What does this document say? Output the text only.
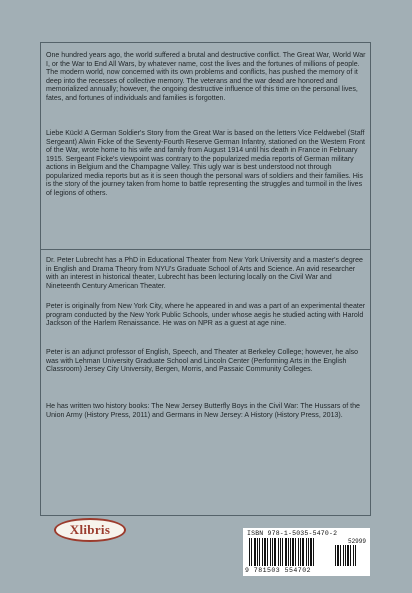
One hundred years ago, the world suffered a brutal and destructive conflict. The Great War, World War I, or the War to End All Wars, by whatever name, cost the lives and the fortunes of millions of people. The modern world, now concerned with its own problems and conflicts, has pushed the memory of it deep into the recesses of collective memory. The veterans and the war dead are honored and memorialized annually; however, the ongoing destructive influence of this time on the personal lives, fates, and fortunes of individuals and families is forgotten.

Liebe Kück! A German Soldier's Story from the Great War is based on the letters Vice Feldwebel (Staff Sergeant) Alwin Ficke of the Seventy-Fourth Reserve German Infantry, stationed on the Western Front of the War, wrote home to his wife and family from August 1914 until his death in France in February 1915. Sergeant Ficke's viewpoint was contrary to the popularized media reports of German military actions in Belgium and the Champagne Valley. This ugly war is best understood not through popularized media reports but as it is seen though the personal wars of soldiers and their families. His is the story of the journey taken from home to battle representing the struggles and turmoil in the lives of legions of others.

Dr. Peter Lubrecht has a PhD in Educational Theater from New York University and a master's degree in English and Drama Theory from NYU's Graduate School of Arts and Science. An avid researcher with an interest in historical theater, Lubrecht has been lecturing locally on the Civil War and Nineteenth Century American Theater.

Peter is originally from New York City, where he appeared in and was a part of an experimental theater program conducted by the New York Public Schools, under whose aegis he studied acting with Harold Jackson of the Harlem Renaissance. He was on NPR as a guest at age nine.

Peter is an adjunct professor of English, Speech, and Theater at Berkeley College; however, he also was with Lehman University Graduate School and Lincoln Center (Performing Arts in the English Classroom) Jersey City University, Bergen, Morris, and Passaic Community Colleges.

He has written two history books: The New Jersey Butterfly Boys in the Civil War: The Hussars of the Union Army (History Press, 2011) and Germans in New Jersey: A History (History Press, 2013).

Xlibris	ISBN 978-1-5035-5470-2
52999
9 781503 554702
